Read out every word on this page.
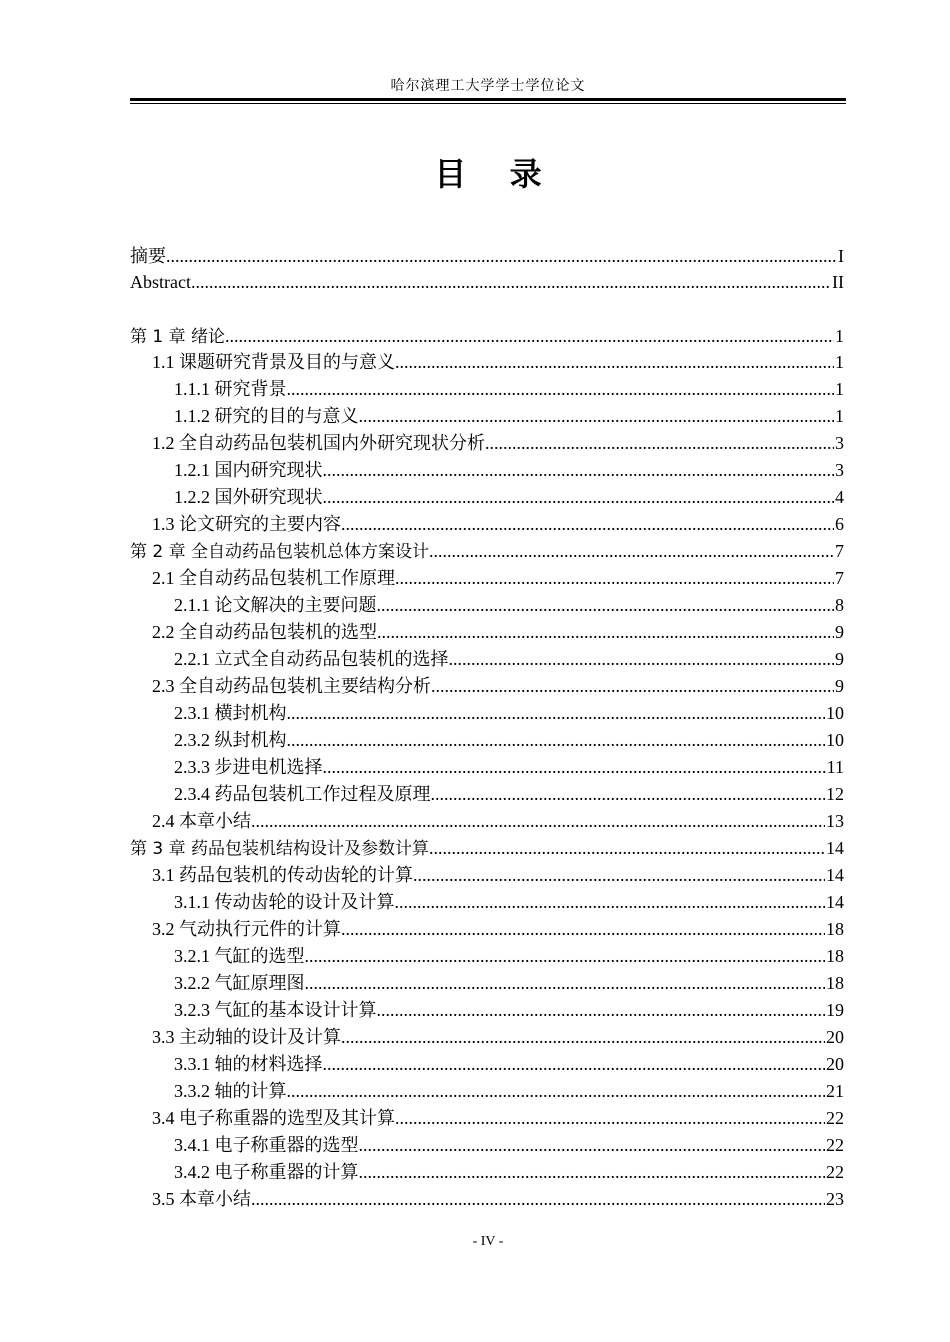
哈尔滨理工大学学士学位论文
目 录
摘要 .....	I
Abstract .....	II
第 1 章 绪论 .....	1
1.1 课题研究背景及目的与意义 .....	1
1.1.1 研究背景 .....	1
1.1.2 研究的目的与意义 .....	1
1.2 全自动药品包装机国内外研究现状分析 .....	3
1.2.1 国内研究现状 .....	3
1.2.2 国外研究现状 .....	4
1.3 论文研究的主要内容 .....	6
第 2 章 全自动药品包装机总体方案设计 .....	7
2.1 全自动药品包装机工作原理 .....	7
2.1.1 论文解决的主要问题 .....	8
2.2 全自动药品包装机的选型 .....	9
2.2.1 立式全自动药品包装机的选择 .....	9
2.3 全自动药品包装机主要结构分析 .....	9
2.3.1 横封机构 .....	10
2.3.2 纵封机构 .....	10
2.3.3 步进电机选择 .....	11
2.3.4 药品包装机工作过程及原理 .....	12
2.4 本章小结 .....	13
第 3 章 药品包装机结构设计及参数计算 .....	14
3.1 药品包装机的传动齿轮的计算 .....	14
3.1.1 传动齿轮的设计及计算 .....	14
3.2 气动执行元件的计算 .....	18
3.2.1 气缸的选型 .....	18
3.2.2 气缸原理图 .....	18
3.2.3 气缸的基本设计计算 .....	19
3.3 主动轴的设计及计算 .....	20
3.3.1 轴的材料选择 .....	20
3.3.2 轴的计算 .....	21
3.4 电子称重器的选型及其计算 .....	22
3.4.1 电子称重器的选型 .....	22
3.4.2 电子称重器的计算 .....	22
3.5 本章小结 .....	23
- IV -
